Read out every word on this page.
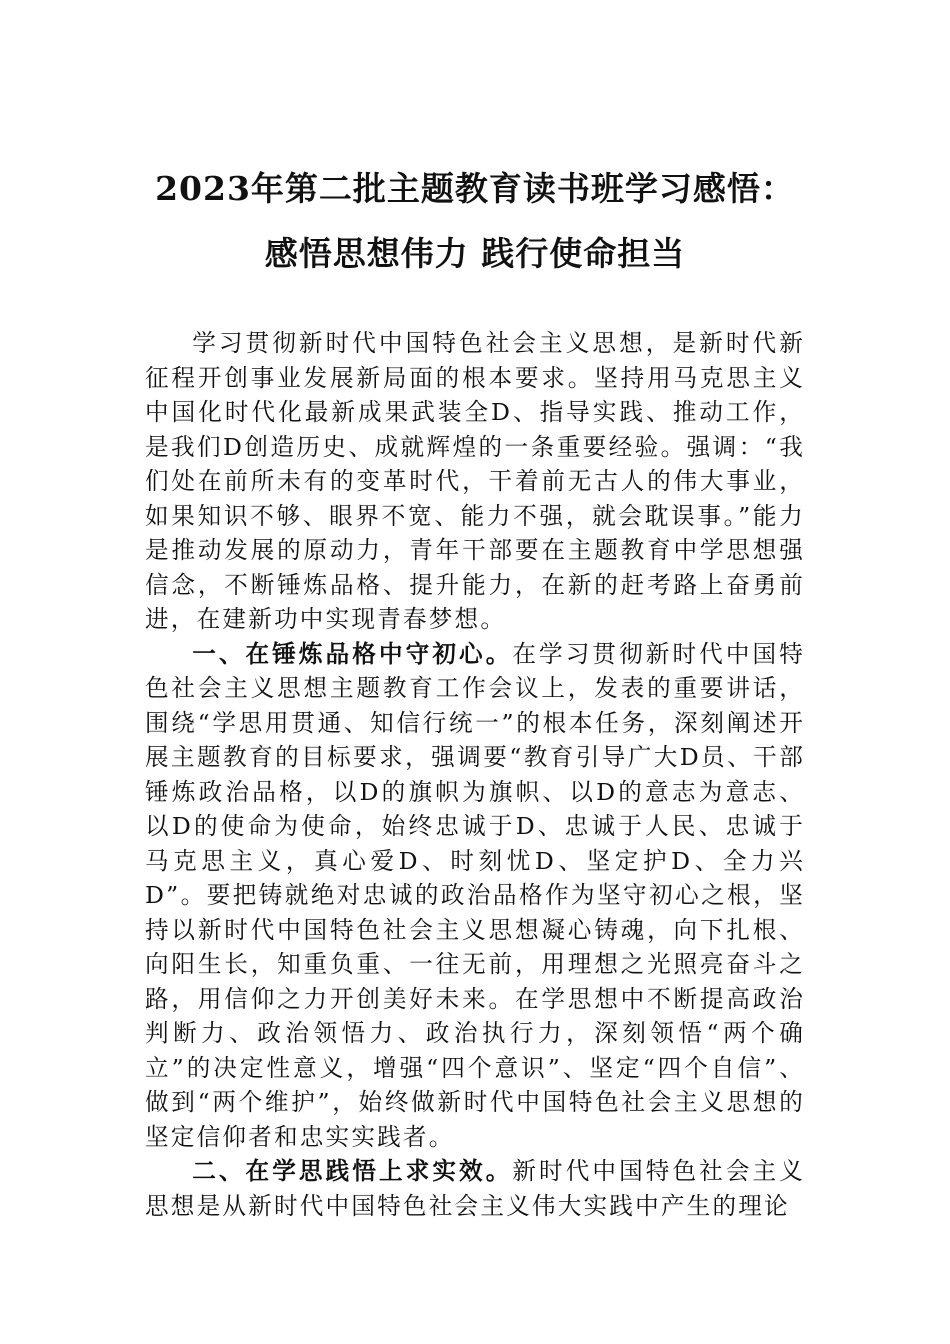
2023年第二批主题教育读书班学习感悟：
感悟思想伟力 践行使命担当

学习贯彻新时代中国特色社会主义思想，是新时代新征程开创事业发展新局面的根本要求。坚持用马克思主义中国化时代化最新成果武装全D、指导实践、推动工作，是我们D创造历史、成就辉煌的一条重要经验。强调：“我们处在前所未有的变革时代，干着前无古人的伟大事业，如果知识不够、眼界不宽、能力不强，就会耽误事。”能力是推动发展的原动力，青年干部要在主题教育中学思想强信念，不断锤炼品格、提升能力，在新的赶考路上奋勇前进，在建新功中实现青春梦想。

一、在锤炼品格中守初心。在学习贯彻新时代中国特色社会主义思想主题教育工作会议上，发表的重要讲话，围绕“学思用贯通、知信行统一”的根本任务，深刻阐述开展主题教育的目标要求，强调要“教育引导广大D员、干部锤炼政治品格，以D的旗帜为旗帜、以D的意志为意志、以D的使命为使命，始终忠诚于D、忠诚于人民、忠诚于马克思主义，真心爱D、时刻忧D、坚定护D、全力兴D”。要把铸就绝对忠诚的政治品格作为坚守初心之根，坚持以新时代中国特色社会主义思想凝心铸魂，向下扎根、向阳生长，知重负重、一往无前，用理想之光照亮奋斗之路，用信仰之力开创美好未来。在学思想中不断提高政治判断力、政治领悟力、政治执行力，深刻领悟“两个确立”的决定性意义，增强“四个意识”、坚定“四个自信”、做到“两个维护”，始终做新时代中国特色社会主义思想的坚定信仰者和忠实实践者。

二、在学思践悟上求实效。新时代中国特色社会主义思想是从新时代中国特色社会主义伟大实践中产生的理论
